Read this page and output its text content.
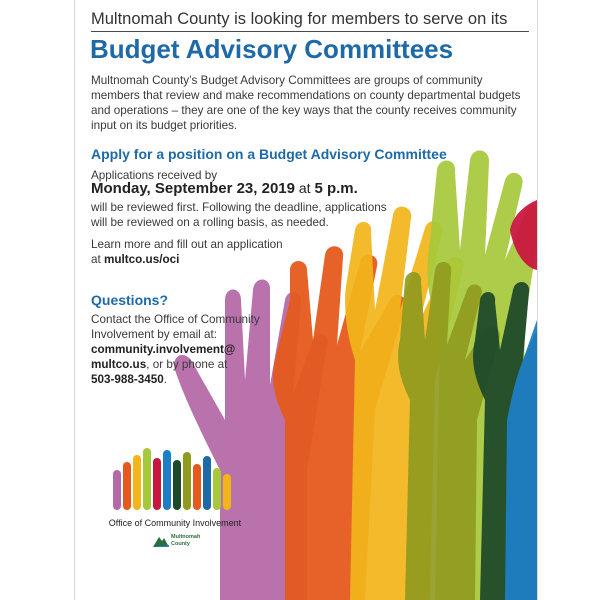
Multnomah County is looking for members to serve on its
Budget Advisory Committees
Multnomah County’s Budget Advisory Committees are groups of community members that review and make recommendations on county departmental budgets and operations – they are one of the key ways that the county receives community input on its budget priorities.
Apply for a position on a Budget Advisory Committee
Applications received by
Monday, September 23, 2019 at 5 p.m.
will be reviewed first. Following the deadline, applications will be reviewed on a rolling basis, as needed.
Learn more and fill out an application
at multco.us/oci
Questions?
Contact the Office of Community
Involvement by email at:
community.involvement@
multco.us, or by phone at
503-988-3450.
Office of Community Involvement
Multnomah
County
